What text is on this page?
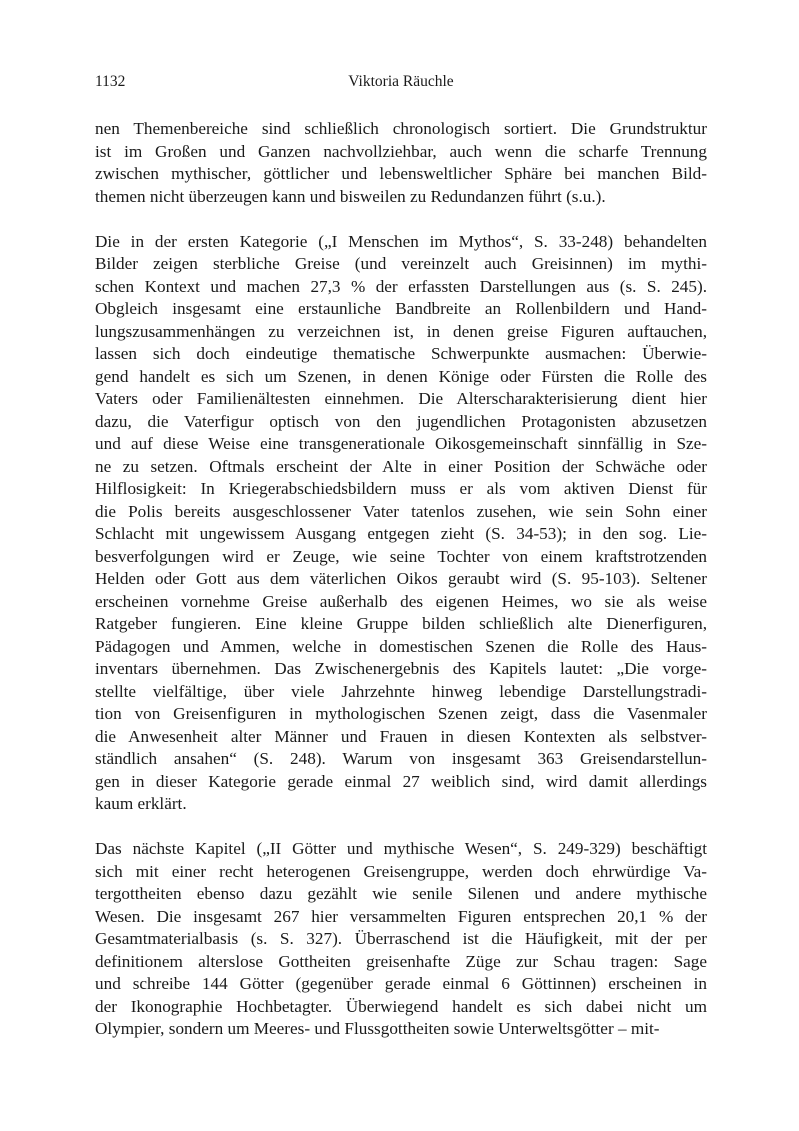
1132	Viktoria Räuchle
nen Themenbereiche sind schließlich chronologisch sortiert. Die Grundstruktur
ist im Großen und Ganzen nachvollziehbar, auch wenn die scharfe Trennung
zwischen mythischer, göttlicher und lebensweltlicher Sphäre bei manchen Bild-
themen nicht überzeugen kann und bisweilen zu Redundanzen führt (s.u.).
Die in der ersten Kategorie („I Menschen im Mythos“, S. 33-248) behandelten
Bilder zeigen sterbliche Greise (und vereinzelt auch Greisinnen) im mythi-
schen Kontext und machen 27,3 % der erfassten Darstellungen aus (s. S. 245).
Obgleich insgesamt eine erstaunliche Bandbreite an Rollenbildern und Hand-
lungszusammenhängen zu verzeichnen ist, in denen greise Figuren auftauchen,
lassen sich doch eindeutige thematische Schwerpunkte ausmachen: Überwie-
gend handelt es sich um Szenen, in denen Könige oder Fürsten die Rolle des
Vaters oder Familienältesten einnehmen. Die Alterscharakterisierung dient hier
dazu, die Vaterfigur optisch von den jugendlichen Protagonisten abzusetzen
und auf diese Weise eine transgenerationale Oikosgemeinschaft sinnfällig in Sze-
ne zu setzen. Oftmals erscheint der Alte in einer Position der Schwäche oder
Hilflosigkeit: In Kriegerabschiedsbildern muss er als vom aktiven Dienst für
die Polis bereits ausgeschlossener Vater tatenlos zusehen, wie sein Sohn einer
Schlacht mit ungewissem Ausgang entgegen zieht (S. 34-53); in den sog. Lie-
besverfolgungen wird er Zeuge, wie seine Tochter von einem kraftstrotzenden
Helden oder Gott aus dem väterlichen Oikos geraubt wird (S. 95-103). Seltener
erscheinen vornehme Greise außerhalb des eigenen Heimes, wo sie als weise
Ratgeber fungieren. Eine kleine Gruppe bilden schließlich alte Dienerfiguren,
Pädagogen und Ammen, welche in domestischen Szenen die Rolle des Haus-
inventars übernehmen. Das Zwischenergebnis des Kapitels lautet: „Die vorge-
stellte vielfältige, über viele Jahrzehnte hinweg lebendige Darstellungstradi-
tion von Greisenfiguren in mythologischen Szenen zeigt, dass die Vasenmaler
die Anwesenheit alter Männer und Frauen in diesen Kontexten als selbstver-
ständlich ansahen“ (S. 248). Warum von insgesamt 363 Greisendarstellun-
gen in dieser Kategorie gerade einmal 27 weiblich sind, wird damit allerdings
kaum erklärt.
Das nächste Kapitel („II Götter und mythische Wesen“, S. 249-329) beschäftigt
sich mit einer recht heterogenen Greisengruppe, werden doch ehrwürdige Va-
tergottheiten ebenso dazu gezählt wie senile Silenen und andere mythische
Wesen. Die insgesamt 267 hier versammelten Figuren entsprechen 20,1 % der
Gesamtmaterialbasis (s. S. 327). Überraschend ist die Häufigkeit, mit der per
definitionem alterslose Gottheiten greisenhafte Züge zur Schau tragen: Sage
und schreibe 144 Götter (gegenüber gerade einmal 6 Göttinnen) erscheinen in
der Ikonographie Hochbetagter. Überwiegend handelt es sich dabei nicht um
Olympier, sondern um Meeres- und Flussgottheiten sowie Unterweltsgötter – mit-
